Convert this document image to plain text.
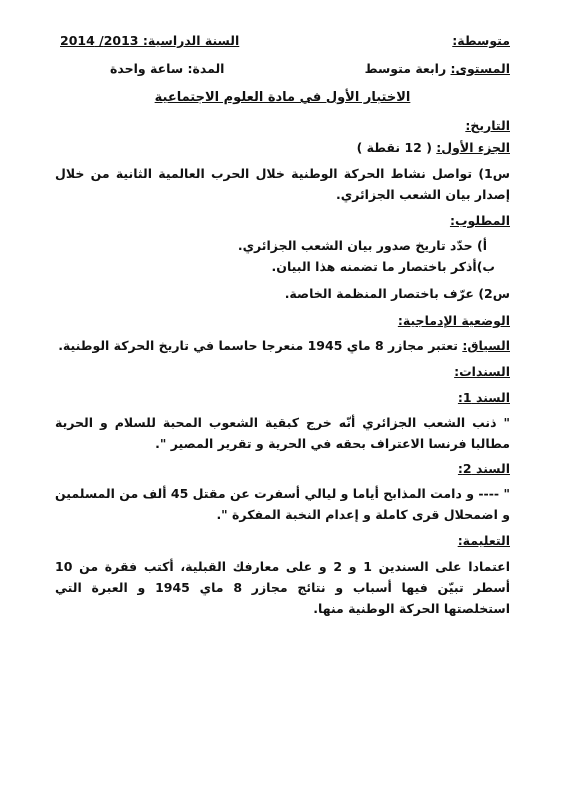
متوسطة:
السنة الدراسية: 2013/ 2014
المستوى: رابعة متوسط
المدة: ساعة واحدة
الاختبار الأول في مادة العلوم الاجتماعية
التاريخ:
الجزء الأول: ( 12 نقطة )
س1) تواصل نشاط الحركة الوطنية خلال الحرب العالمية الثانية من خلال إصدار بيان الشعب الجزائري.
المطلوب:
أ) حدّد تاريخ صدور بيان الشعب الجزائري.
ب)أذكر باختصار ما تضمنه هذا البيان.
س2) عرّف باختصار المنظمة الخاصة.
الوضعية الإدماجية:
السياق: تعتبر مجازر 8 ماي 1945 منعرجا حاسما في تاريخ الحركة الوطنية.
السندات:
السند 1:
" ذنب الشعب الجزائري أنّه خرج كبقية الشعوب المحبة للسلام و الحرية مطالبا فرنسا الاعتراف بحقه في الحرية و تقرير المصير ".
السند 2:
" ---- و دامت المذابح أياما و ليالي أسفرت عن مقتل 45 ألف من المسلمين و اضمحلال قرى كاملة و إعدام النخبة المفكرة ".
التعليمة:
اعتمادا على السندين 1 و 2 و على معارفك القبلية، أكتب فقرة من 10 أسطر تبيّن فيها أسباب و نتائج مجازر 8 ماي 1945 و العبرة التي استخلصتها الحركة الوطنية منها.
